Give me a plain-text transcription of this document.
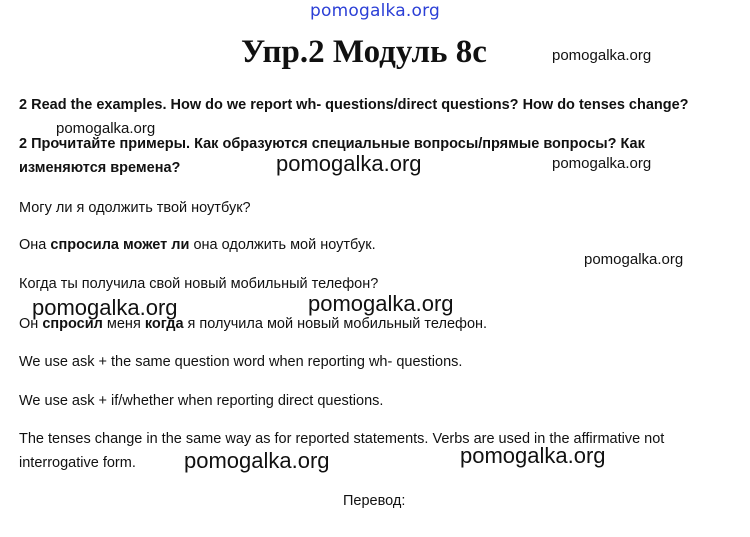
pomogalka.org
Упр.2 Модуль 8с	pomogalka.org
2 Read the examples. How do we report wh- questions/direct questions? How do tenses change?
pomogalka.org
2 Прочитайте примеры. Как образуются специальные вопросы/прямые вопросы? Как
изменяются времена?	pomogalka.org	pomogalka.org
Могу ли я одолжить твой ноутбук?
Она спросила может ли она одолжить мой ноутбук.
pomogalka.org
Когда ты получила свой новый мобильный телефон?
pomogalka.org	pomogalka.org
Он спросил меня когда я получила мой новый мобильный телефон.
We use ask + the same question word when reporting wh- questions.
We use ask + if/whether when reporting direct questions.
The tenses change in the same way as for reported statements. Verbs are used in the affirmative not
interrogative form. pomogalka.org	pomogalka.org
Перевод:
